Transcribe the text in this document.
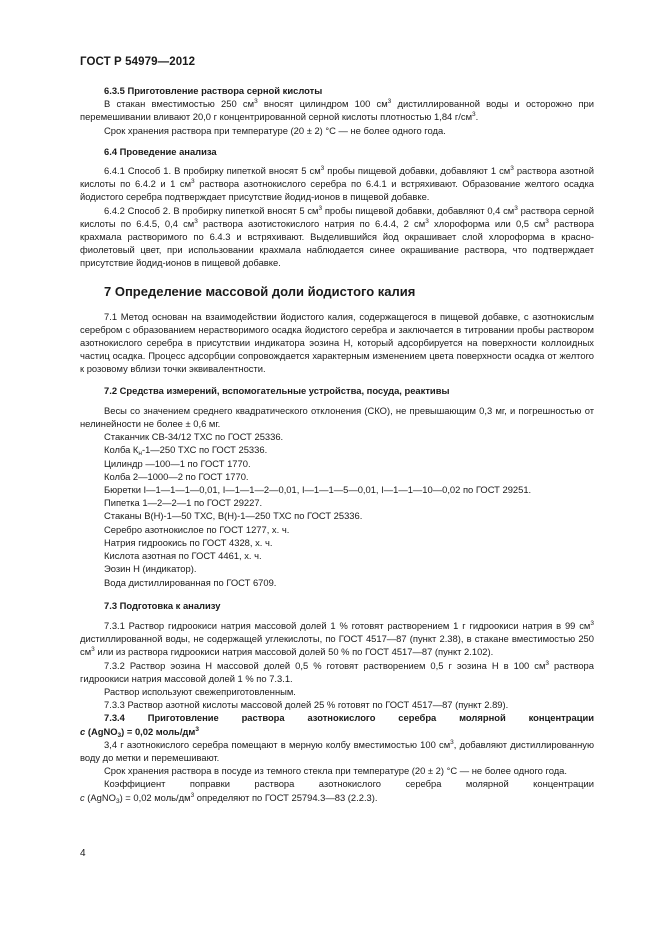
ГОСТ Р 54979—2012
6.3.5 Приготовление раствора серной кислоты

В стакан вместимостью 250 $см^3$ вносят цилиндром 100 $см^3$ дистиллированной воды и осторожно при перемешивании вливают 20,0 г концентрированной серной кислоты плотностью 1,84 $г/см^3$.

Срок хранения раствора при температуре (20 ± 2) °С — не более одного года.

6.4 Проведение анализа

6.4.1 Способ 1. В пробирку пипеткой вносят 5 $см^3$ пробы пищевой добавки, добавляют 1 $см^3$ раствора азотной кислоты по 6.4.2 и 1 $см^3$ раствора азотнокислого серебра по 6.4.1 и встряхивают. Образование желтого осадка йодистого серебра подтверждает присутствие йодид-ионов в пищевой добавке.

6.4.2 Способ 2. В пробирку пипеткой вносят 5 $см^3$ пробы пищевой добавки, добавляют 0,4 $см^3$ раствора серной кислоты по 6.4.5, 0,4 $см^3$ раствора азотистокислого натрия по 6.4.4, 2 $см^3$ хлороформа или 0,5 $см^3$ раствора крахмала растворимого по 6.4.3 и встряхивают. Выделившийся йод окрашивает слой хлороформа в красно-фиолетовый цвет, при использовании крахмала наблюдается синее окрашивание раствора, что подтверждает присутствие йодид-ионов в пищевой добавке.

7 Определение массовой доли йодистого калия

7.1 Метод основан на взаимодействии йодистого калия, содержащегося в пищевой добавке, с азотнокислым серебром с образованием нерастворимого осадка йодистого серебра и заключается в титровании пробы раствором азотнокислого серебра в присутствии индикатора эозина Н, который адсорбируется на поверхности коллоидных частиц осадка. Процесс адсорбции сопровождается характерным изменением цвета поверхности осадка от желтого к розовому вблизи точки эквивалентности.

7.2 Средства измерений, вспомогательные устройства, посуда, реактивы

Весы со значением среднего квадратического отклонения (СКО), не превышающим 0,3 мг, и погрешностью от нелинейности не более ± 0,6 мг.

Стаканчик СВ-34/12 ТХС по ГОСТ 25336.

Колба $К_н-1—250$ ТХС по ГОСТ 25336.

Цилиндр —100—1 по ГОСТ 1770.

Колба 2—1000—2 по ГОСТ 1770.

Бюретки I—1—1—1—0,01, I—1—1—2—0,01, I—1—1—5—0,01, I—1—1—10—0,02 по ГОСТ 29251.

Пипетка 1—2—2—1 по ГОСТ 29227.

Стаканы В(Н)-1—50 ТХС, В(Н)-1—250 ТХС по ГОСТ 25336.

Серебро азотнокислое по ГОСТ 1277, х. ч.

Натрия гидроокись по ГОСТ 4328, х. ч.

Кислота азотная по ГОСТ 4461, х. ч.

Эозин Н (индикатор).

Вода дистиллированная по ГОСТ 6709.

7.3 Подготовка к анализу

7.3.1 Раствор гидроокиси натрия массовой долей 1 % готовят растворением 1 г гидроокиси натрия в 99 $см^3$ дистиллированной воды, не содержащей углекислоты, по ГОСТ 4517—87 (пункт 2.38), в стакане вместимостью 250 $см^3$ или из раствора гидроокиси натрия массовой долей 50 % по ГОСТ 4517—87 (пункт 2.102).

7.3.2 Раствор эозина Н массовой долей 0,5 % готовят растворением 0,5 г эозина Н в 100 $см^3$ раствора гидроокиси натрия массовой долей 1 % по 7.3.1.

Раствор используют свежеприготовленным.

7.3.3 Раствор азотной кислоты массовой долей 25 % готовят по ГОСТ 4517—87 (пункт 2.89).

7.3.4 Приготовление раствора азотнокислого серебра молярной концентрации

c (AgNO$_3$) = 0,02 моль/$дм^3$

3,4 г азотнокислого серебра помещают в мерную колбу вместимостью 100 $см^3$, добавляют дистиллированную воду до метки и перемешивают.

Срок хранения раствора в посуде из темного стекла при температуре (20 ± 2) °С — не более одного года.

Коэффициент поправки раствора азотнокислого серебра молярной концентрации

c (AgNO$_3$) = 0,02 моль/$дм^3$ определяют по ГОСТ 25794.3—83 (2.2.3).

4
